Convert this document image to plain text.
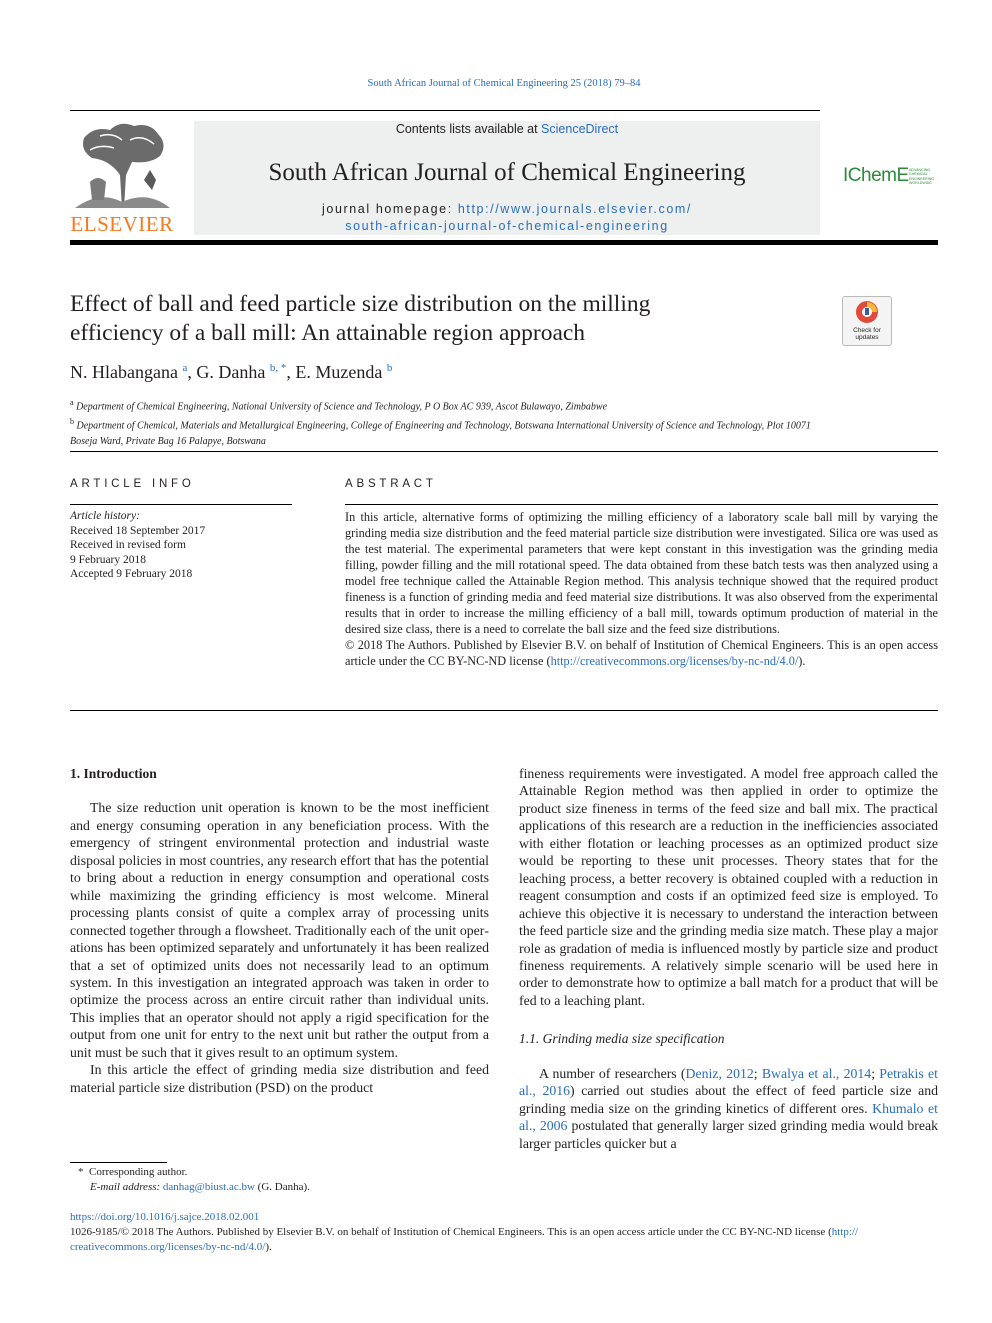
South African Journal of Chemical Engineering 25 (2018) 79–84
ELSEVIER
Contents lists available at ScienceDirect
South African Journal of Chemical Engineering
journal homepage: http://www.journals.elsevier.com/
south-african-journal-of-chemical-engineering
IChemE ADVANCING CHEMICAL ENGINEERING WORLDWIDE
Effect of ball and feed particle size distribution on the milling
efficiency of a ball mill: An attainable region approach	Check for updates
N. Hlabangana $^a$, G. Danha $^{b, *}$, E. Muzenda $^b$
$^a$ Department of Chemical Engineering, National University of Science and Technology, P O Box AC 939, Ascot Bulawayo, Zimbabwe
$^b$ Department of Chemical, Materials and Metallurgical Engineering, College of Engineering and Technology, Botswana International University of Science and Technology, Plot 10071 Boseja Ward, Private Bag 16 Palapye, Botswana
ARTICLE INFO
Article history:
Received 18 September 2017
Received in revised form
9 February 2018
Accepted 9 February 2018
ABSTRACT
In this article, alternative forms of optimizing the milling efficiency of a laboratory scale ball mill by varying the grinding media size distribution and the feed material particle size distribution were investigated. Silica ore was used as the test material. The experimental parameters that were kept constant in this investigation was the grinding media filling, powder filling and the mill rotational speed. The data obtained from these batch tests was then analyzed using a model free technique called the Attainable Region method. This analysis technique showed that the required product fineness is a function of grinding media and feed material size distributions. It was also observed from the experimental results that in order to increase the milling efficiency of a ball mill, towards optimum production of material in the desired size class, there is a need to correlate the ball size and the feed size distributions.
© 2018 The Authors. Published by Elsevier B.V. on behalf of Institution of Chemical Engineers. This is an open access article under the CC BY-NC-ND license (http://creativecommons.org/licenses/by-nc-nd/4.0/).

1. Introduction

The size reduction unit operation is known to be the most inefficient and energy consuming operation in any beneficiation process. With the emergency of stringent environmental protection and industrial waste disposal policies in most countries, any research effort that has the potential to bring about a reduction in energy consumption and operational costs while maximizing the grinding efficiency is most welcome. Mineral processing plants consist of quite a complex array of processing units connected together through a flowsheet. Traditionally each of the unit operations has been optimized separately and unfortunately it has been realized that a set of optimized units does not necessarily lead to an optimum system. In this investigation an integrated approach was taken in order to optimize the process across an entire circuit rather than individual units. This implies that an operator should not apply a rigid specification for the output from one unit for entry to the next unit but rather the output from a unit must be such that it gives result to an optimum system.

In this article the effect of grinding media size distribution and feed material particle size distribution (PSD) on the product

fineness requirements were investigated. A model free approach called the Attainable Region method was then applied in order to optimize the product size fineness in terms of the feed size and ball mix. The practical applications of this research are a reduction in the inefficiencies associated with either flotation or leaching processes as an optimized product size would be reporting to these unit processes. Theory states that for the leaching process, a better recovery is obtained coupled with a reduction in reagent consumption and costs if an optimized feed size is employed. To achieve this objective it is necessary to understand the interaction between the feed particle size and the grinding media size match. These play a major role as gradation of media is influenced mostly by particle size and product fineness requirements. A relatively simple scenario will be used here in order to demonstrate how to optimize a ball match for a product that will be fed to a leaching plant.

1.1. Grinding media size specification

A number of researchers (Deniz, 2012; Bwalya et al., 2014; Petrakis et al., 2016) carried out studies about the effect of feed particle size and grinding media size on the grinding kinetics of different ores. Khumalo et al., 2006 postulated that generally larger sized grinding media would break larger particles quicker but a

* Corresponding author.
E-mail address: danhag@biust.ac.bw (G. Danha).
https://doi.org/10.1016/j.sajce.2018.02.001
1026-9185/© 2018 The Authors. Published by Elsevier B.V. on behalf of Institution of Chemical Engineers. This is an open access article under the CC BY-NC-ND license (http://
creativecommons.org/licenses/by-nc-nd/4.0/).
